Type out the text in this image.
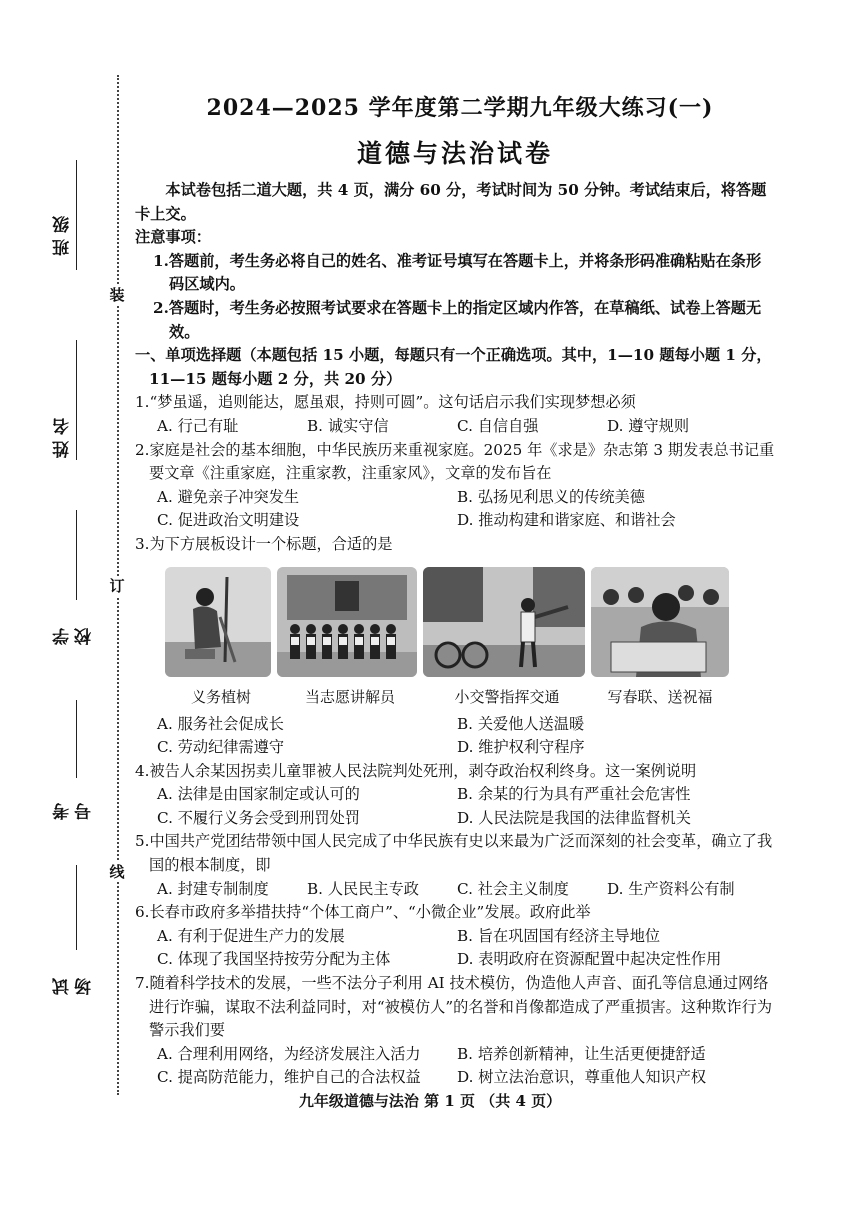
装
订
线
班级
姓名
学校
考号
试场
2024—2025 学年度第二学期九年级大练习(一)
道德与法治试卷

本试卷包括二道大题，共 4 页，满分 60 分，考试时间为 50 分钟。考试结束后，将答题卡上交。

注意事项：

1.答题前，考生务必将自己的姓名、准考证号填写在答题卡上，并将条形码准确粘贴在条形码区域内。

2.答题时，考生务必按照考试要求在答题卡上的指定区域内作答，在草稿纸、试卷上答题无效。

一、单项选择题（本题包括 15 小题，每题只有一个正确选项。其中，1—10 题每小题 1 分，11—15 题每小题 2 分，共 20 分）

1.“梦虽遥，追则能达，愿虽艰，持则可圆”。这句话启示我们实现梦想必须

A. 行己有耻	B. 诚实守信	C. 自信自强	D. 遵守规则

2.家庭是社会的基本细胞，中华民族历来重视家庭。2025 年《求是》杂志第 3 期发表总书记重要文章《注重家庭，注重家教，注重家风》，文章的发布旨在

A. 避免亲子冲突发生	B. 弘扬见利思义的传统美德
C. 促进政治文明建设	D. 推动构建和谐家庭、和谐社会

3.为下方展板设计一个标题，合适的是

义务植树	当志愿讲解员	小交警指挥交通	写春联、送祝福
A. 服务社会促成长	B. 关爱他人送温暖
C. 劳动纪律需遵守	D. 维护权利守程序

4.被告人余某因拐卖儿童罪被人民法院判处死刑，剥夺政治权利终身。这一案例说明

A. 法律是由国家制定或认可的	B. 余某的行为具有严重社会危害性
C. 不履行义务会受到刑罚处罚	D. 人民法院是我国的法律监督机关

5.中国共产党团结带领中国人民完成了中华民族有史以来最为广泛而深刻的社会变革，确立了我国的根本制度，即

A. 封建专制制度	B. 人民民主专政	C. 社会主义制度	D. 生产资料公有制

6.长春市政府多举措扶持“个体工商户”、“小微企业”发展。政府此举

A. 有利于促进生产力的发展	B. 旨在巩固国有经济主导地位
C. 体现了我国坚持按劳分配为主体	D. 表明政府在资源配置中起决定性作用

7.随着科学技术的发展，一些不法分子利用 AI 技术模仿，伪造他人声音、面孔等信息通过网络进行诈骗，谋取不法利益同时，对“被模仿人”的名誉和肖像都造成了严重损害。这种欺诈行为警示我们要

A. 合理利用网络，为经济发展注入活力	B. 培养创新精神，让生活更便捷舒适
C. 提高防范能力，维护自己的合法权益	D. 树立法治意识，尊重他人知识产权
九年级道德与法治 第 1 页 （共 4 页）
